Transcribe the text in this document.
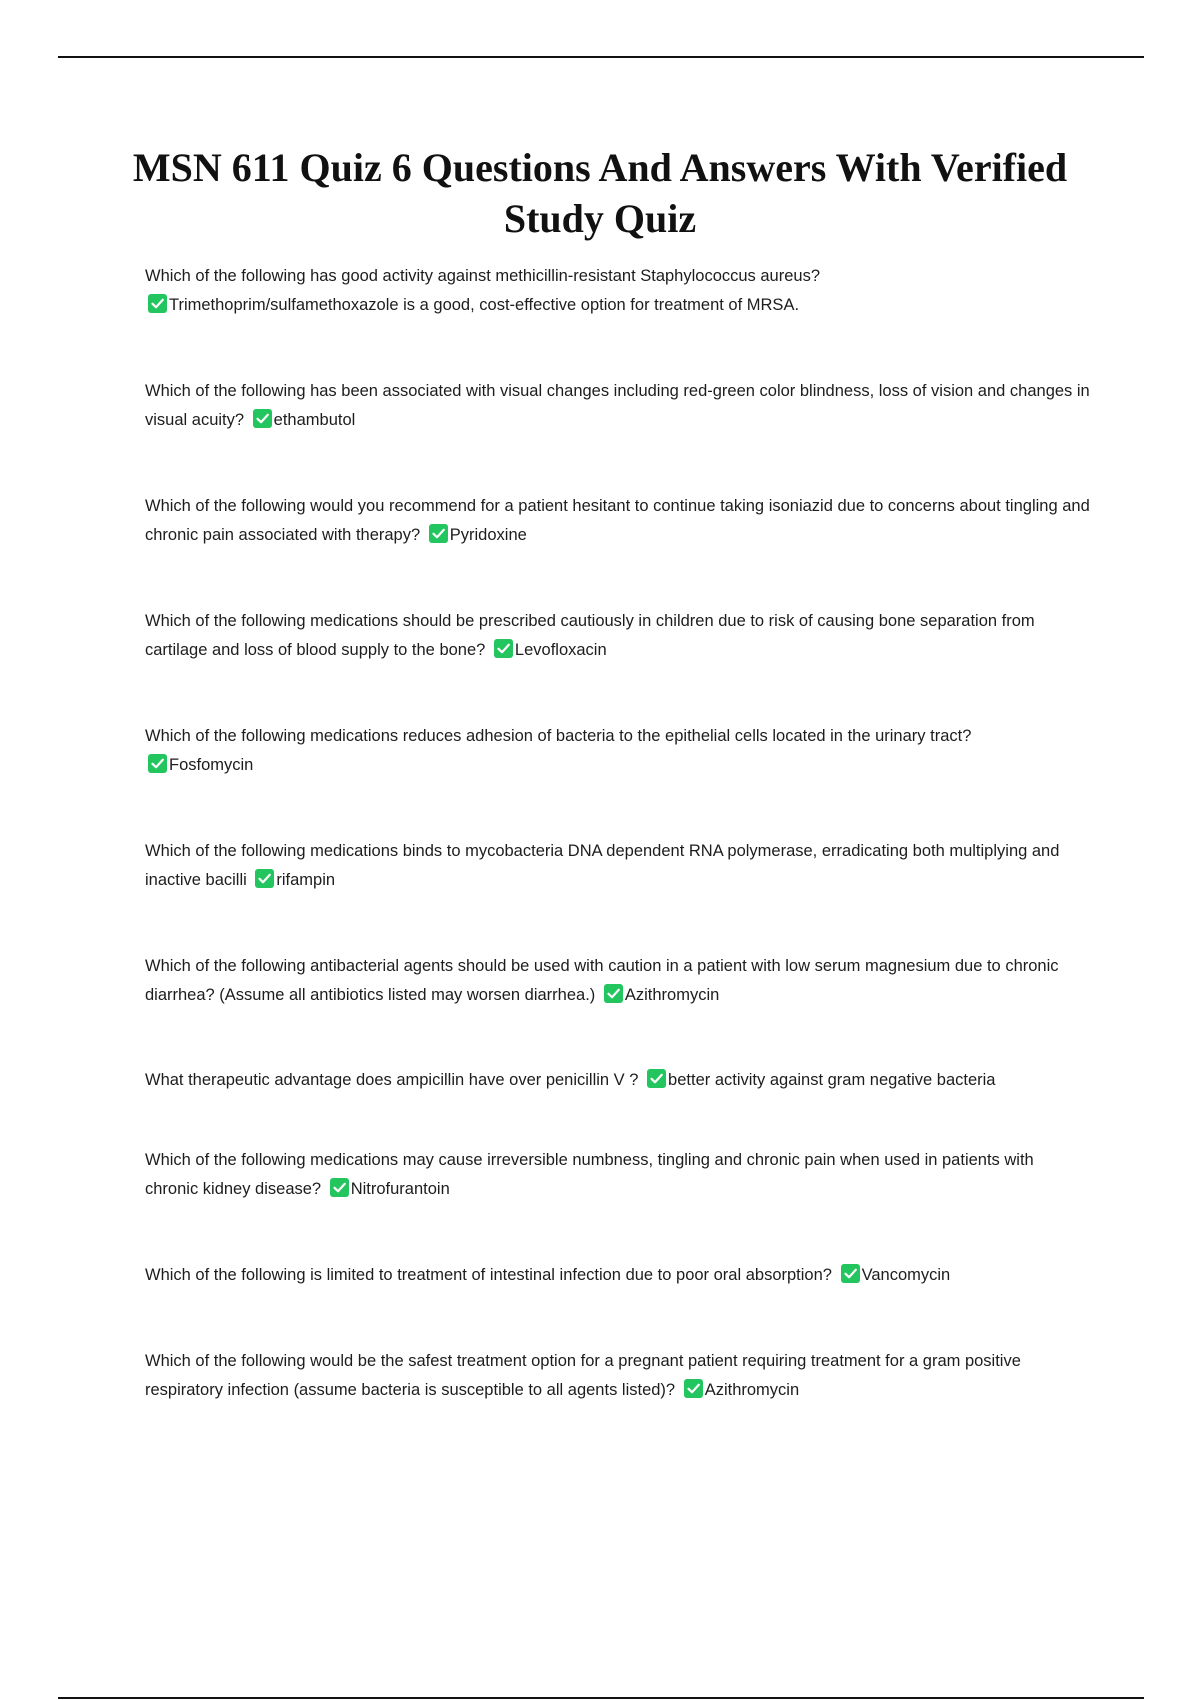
MSN 611 Quiz 6 Questions And Answers With Verified Study Quiz

Which of the following has good activity against methicillin-resistant Staphylococcus aureus?

Trimethoprim/sulfamethoxazole is a good, cost-effective option for treatment of MRSA.

Which of the following has been associated with visual changes including red-green color blindness, loss of vision and changes in visual acuity? ethambutol

Which of the following would you recommend for a patient hesitant to continue taking isoniazid due to concerns about tingling and chronic pain associated with therapy? Pyridoxine

Which of the following medications should be prescribed cautiously in children due to risk of causing bone separation from cartilage and loss of blood supply to the bone? Levofloxacin

Which of the following medications reduces adhesion of bacteria to the epithelial cells located in the urinary tract?

Fosfomycin

Which of the following medications binds to mycobacteria DNA dependent RNA polymerase, erradicating both multiplying and inactive bacilli rifampin

Which of the following antibacterial agents should be used with caution in a patient with low serum magnesium due to chronic diarrhea? (Assume all antibiotics listed may worsen diarrhea.) Azithromycin

What therapeutic advantage does ampicillin have over penicillin V ? better activity against gram negative bacteria

Which of the following medications may cause irreversible numbness, tingling and chronic pain when used in patients with chronic kidney disease? Nitrofurantoin

Which of the following is limited to treatment of intestinal infection due to poor oral absorption? Vancomycin

Which of the following would be the safest treatment option for a pregnant patient requiring treatment for a gram positive respiratory infection (assume bacteria is susceptible to all agents listed)? Azithromycin
